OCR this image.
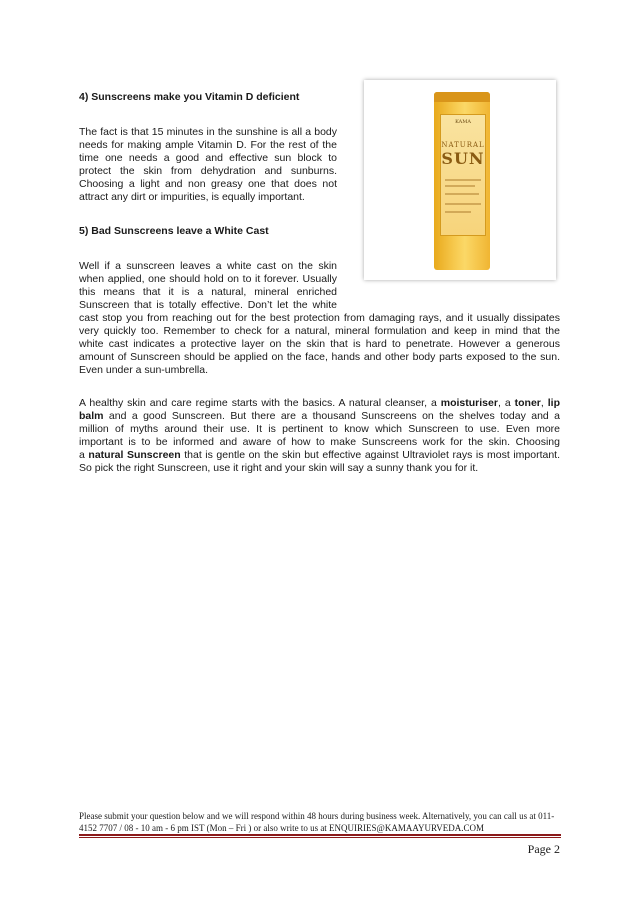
4) Sunscreens make you Vitamin D deficient

The fact is that 15 minutes in the sunshine is all a body
needs for making ample Vitamin D. For the rest of the
time one needs a good and effective sun block to
protect the skin from dehydration and sunburns.
Choosing a light and non greasy one that does not
attract any dirt or impurities, is equally important.

5) Bad Sunscreens leave a White Cast

Well if a sunscreen leaves a white cast on the skin
when applied, one should hold on to it forever. Usually
this means that it is a natural, mineral enriched
Sunscreen that is totally effective. Don’t let the white
cast stop you from reaching out for the best protection from damaging rays, and it usually dissipates
very quickly too. Remember to check for a natural, mineral formulation and keep in mind that the
white cast indicates a protective layer on the skin that is hard to penetrate. However a generous
amount of Sunscreen should be applied on the face, hands and other body parts exposed to the sun.
Even under a sun-umbrella.
A healthy skin and care regime starts with the basics. A natural cleanser, a moisturiser, a toner, lip
balm and a good Sunscreen. But there are a thousand Sunscreens on the shelves today and a
million of myths around their use. It is pertinent to know which Sunscreen to use. Even more
important is to be informed and aware of how to make Sunscreens work for the skin. Choosing
a natural Sunscreen that is gentle on the skin but effective against Ultraviolet rays is most important.
So pick the right Sunscreen, use it right and your skin will say a sunny thank you for it.
KAMA
NATURAL
SUN
Please submit your question below and we will respond within 48 hours during business week. Alternatively, you can call us at 011-
4152 7707 / 08 - 10 am - 6 pm IST (Mon – Fri ) or also write to us at ENQUIRIES@KAMAAYURVEDA.COM
Page 2
